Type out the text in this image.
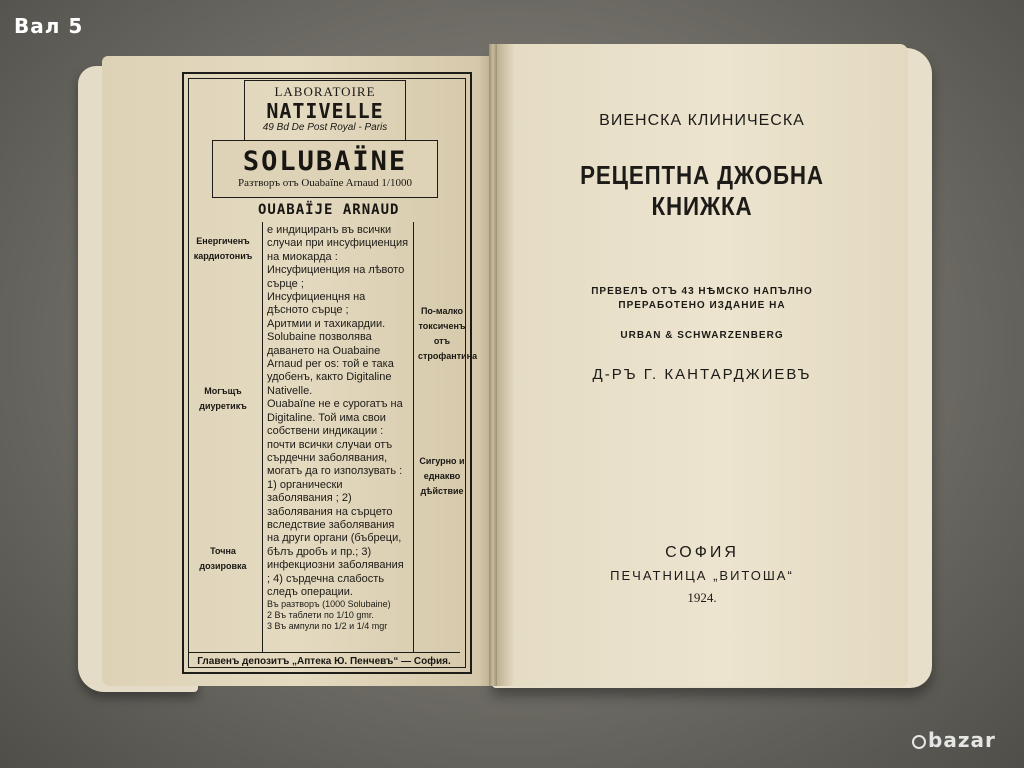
Вал 5
LABORATOIRE
NATIVELLE
49 Bd De Post Royal - Paris
SOLUBAÏNE
Разтворъ отъ Ouabaïne Arnaud 1/1000
OUABAÏJE ARNAUD

е индициранъ въ всички

случаи при инсуфициенция

на миокарда :

Инсуфициенция на лѣвото сърце ;

Инсуфициенцня на дѣсното сърце ;

Аритмии и тахикардии.

Solubaine позволява даването на Ouabaine Arnaud per os: той е така удобенъ, както Digitaline Nativelle.

Ouabaïne не е сурогатъ на Digitaline. Той има свои собствени индикации : почти всички случаи отъ сърдечни заболявания, могатъ да го използувать : 1) органически заболявания ; 2) заболявания на сърцето вследствие заболявания на други органи (бъбреци, бѣлъ дробъ и пр.; 3) инфекциозни заболявания ; 4) сърдечна слабость следъ операции.

Въ разтворъ (1000 Solubaine)

2 Въ таблети по 1/10 gmr.

3 Въ ампули по 1/2 и 1/4 mgr

Енергиченъ кардиотониъ
Могъщъ диуретикъ
Точна дозировка
По-малко токсиченъ отъ строфантина
Сигурно и еднакво дѣйствие
Главенъ депозитъ „Аптека Ю. Пенчевъ“ — София.
ВИЕНСКА КЛИНИЧЕСКА
РЕЦЕПТНА ДЖОБНА КНИЖКА
ПРЕВЕЛЪ ОТЪ 43 НѢМСКО НАПЪЛНО
ПРЕРАБОТЕНО ИЗДАНИЕ НА
URBAN & SCHWARZENBERG
Д-РЪ Г. КАНТАРДЖИЕВЪ
СОФИЯ
ПЕЧАТНИЦА „ВИТОША“
1924.
bazar
